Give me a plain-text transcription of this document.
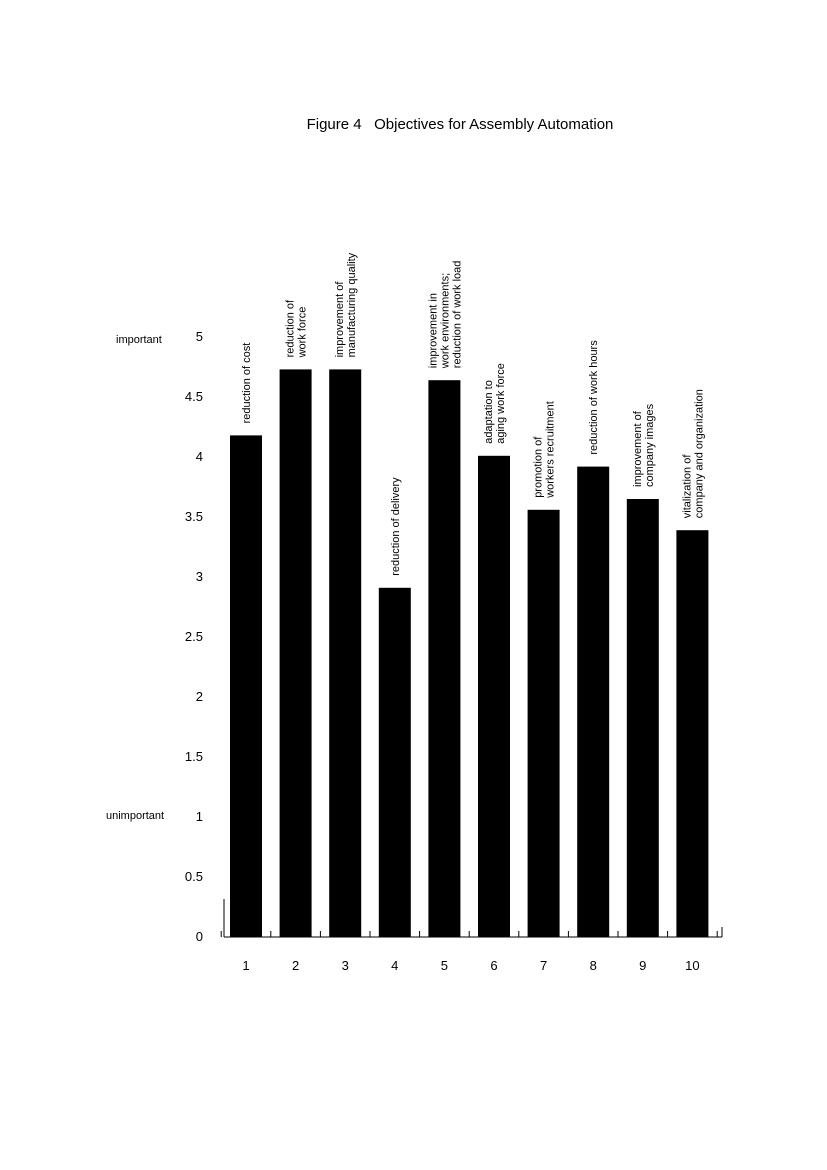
Figure 4   Objectives for Assembly Automation
important
unimportant
0
0.5
1
1.5
2
2.5
3
3.5
4
4.5
5
reduction of cost
reduction of work force improvement of manufacturing quality
reduction of delivery
improvement in work environments; reduction of work load
adaptation to aging work force
promotion of workers recruitment	reduction of work hours	improvement of company images vitalization of company and organization
1	2	3	4	5	6	7	8	9	10
